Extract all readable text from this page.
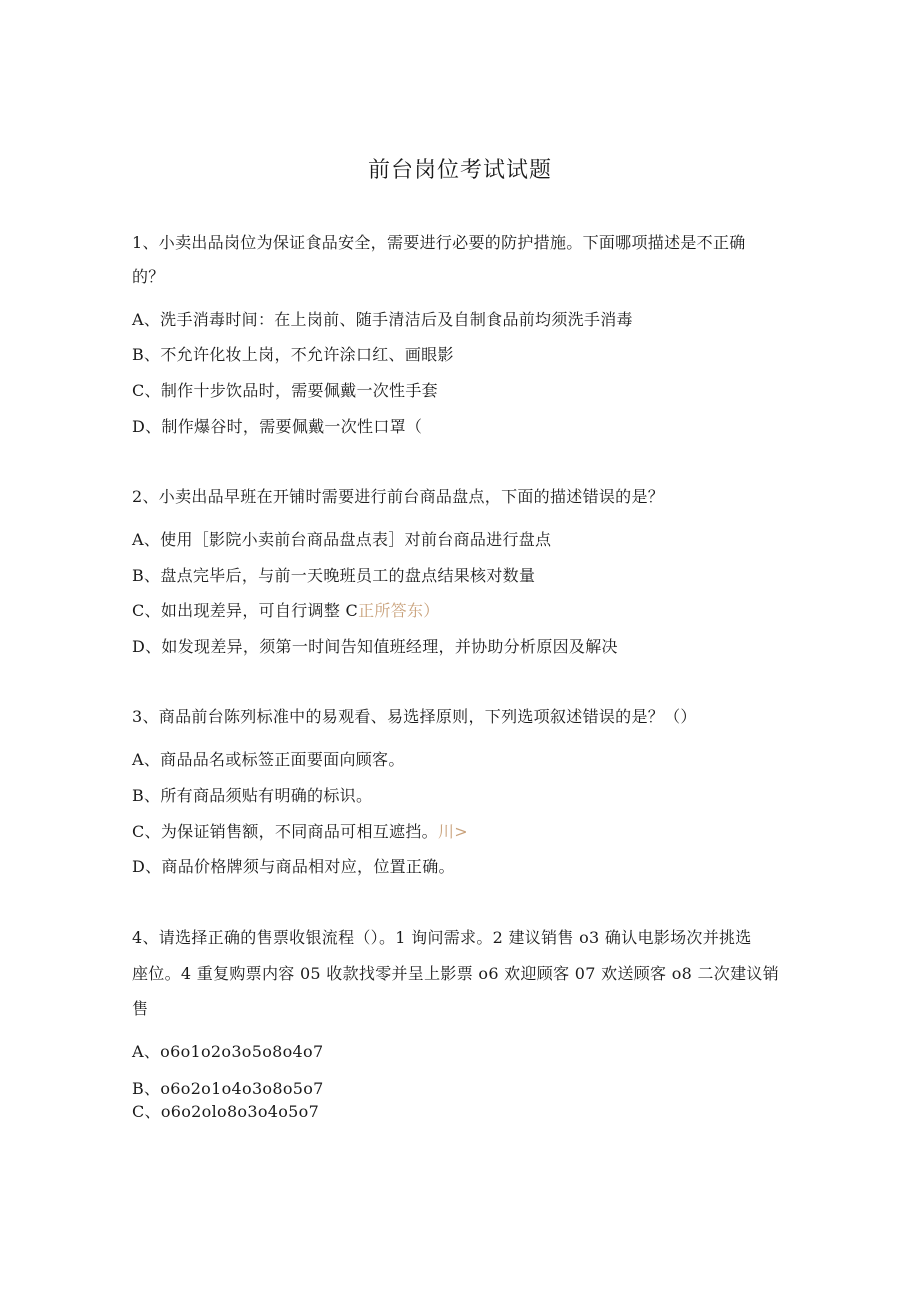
前台岗位考试试题
1、小卖出品岗位为保证食品安全，需要进行必要的防护措施。下面哪项描述是不正确
的？
A、洗手消毒时间：在上岗前、随手清洁后及自制食品前均须洗手消毒
B、不允许化妆上岗，不允许涂口红、画眼影
C、制作十步饮品时，需要佩戴一次性手套
D、制作爆谷时，需要佩戴一次性口罩（
2、小卖出品早班在开铺时需要进行前台商品盘点，下面的描述错误的是？
A、使用［影院小卖前台商品盘点表］对前台商品进行盘点
B、盘点完毕后，与前一天晚班员工的盘点结果核对数量
C、如出现差异，可自行调整 C正所答东）
D、如发现差异，须第一时间告知值班经理，并协助分析原因及解决
3、商品前台陈列标准中的易观看、易选择原则，下列选项叙述错误的是？（）
A、商品品名或标签正面要面向顾客。
B、所有商品须贴有明确的标识。
C、为保证销售额，不同商品可相互遮挡。川>
D、商品价格牌须与商品相对应，位置正确。
4、请选择正确的售票收银流程（）。1 询问需求。2 建议销售 o3 确认电影场次并挑选
座位。4 重复购票内容 05 收款找零并呈上影票 o6 欢迎顾客 07 欢送顾客 o8 二次建议销
售
A、o6o1o2o3o5o8o4o7
B、o6o2o1o4o3o8o5o7
C、o6o2olo8o3o4o5o7
